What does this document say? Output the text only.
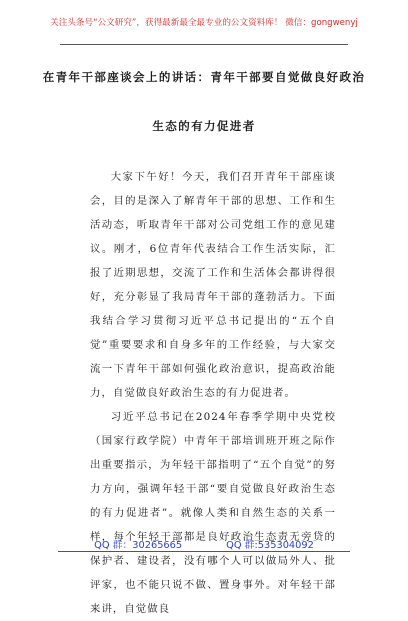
关注头条号“公文研究”，获得最新最全最专业的公文资料库！ 微信：gongwenyj
在青年干部座谈会上的讲话：青年干部要自觉做良好政治
生态的有力促进者

大家下午好！今天，我们召开青年干部座谈会，目的是深入了解青年干部的思想、工作和生活动态，听取青年干部对公司党组工作的意见建议。刚才，6位青年代表结合工作生活实际，汇报了近期思想，交流了工作和生活体会都讲得很好，充分彰显了我局青年干部的蓬勃活力。下面我结合学习贯彻习近平总书记提出的“五个自觉”重要要求和自身多年的工作经验，与大家交流一下青年干部如何强化政治意识，提高政治能力，自觉做良好政治生态的有力促进者。

习近平总书记在2024年春季学期中央党校（国家行政学院）中青年干部培训班开班之际作出重要指示，为年轻干部指明了“五个自觉”的努力方向，强调年轻干部“要自觉做良好政治生态的有力促进者”。就像人类和自然生态的关系一样，每个年轻干部都是良好政治生态责无旁贷的保护者、建设者，没有哪个人可以做局外人、批评家，也不能只说不做、置身事外。对年轻干部来讲，自觉做良

QQ 群：30265665	QQ 群:535304092
